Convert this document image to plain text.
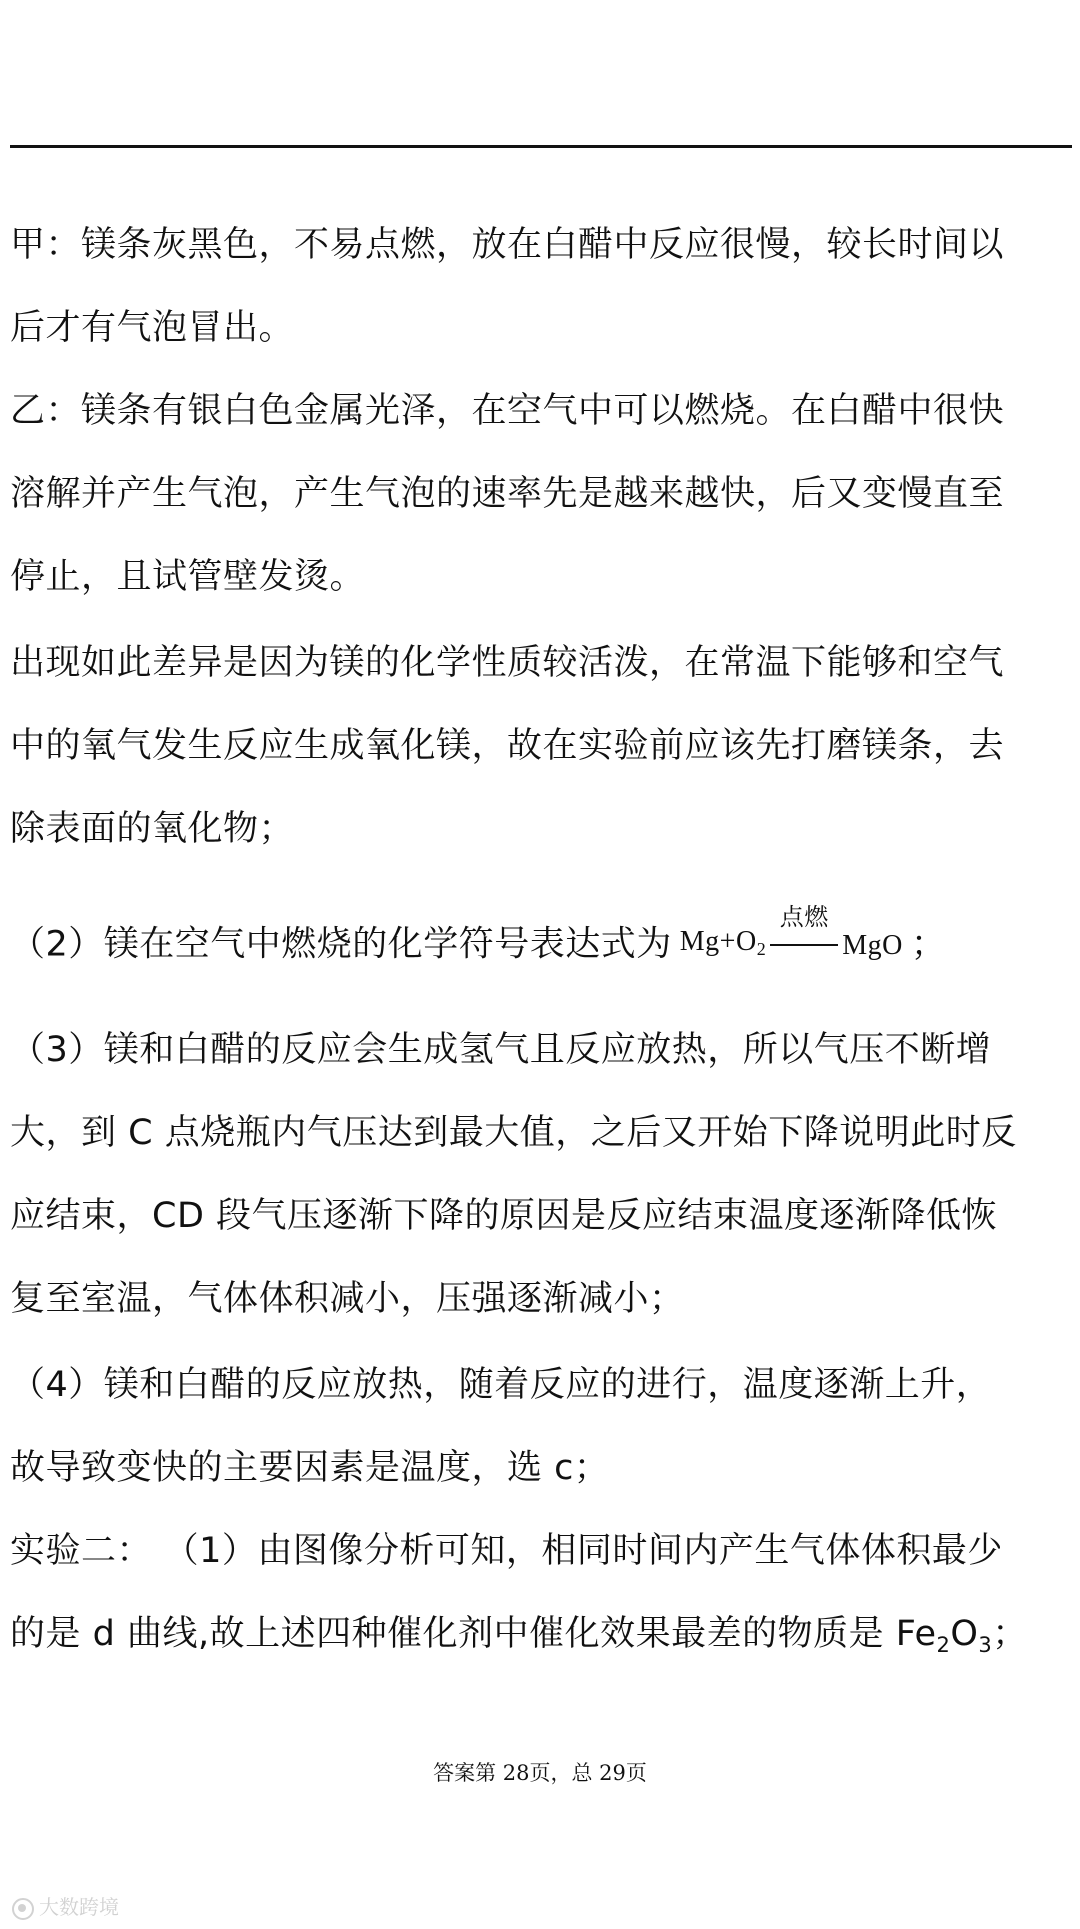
甲：镁条灰黑色，不易点燃，放在白醋中反应很慢，较长时间以
后才有气泡冒出。
乙：镁条有银白色金属光泽，在空气中可以燃烧。在白醋中很快
溶解并产生气泡，产生气泡的速率先是越来越快，后又变慢直至
停止，且试管壁发烫。
出现如此差异是因为镁的化学性质较活泼，在常温下能够和空气
中的氧气发生反应生成氧化镁，故在实验前应该先打磨镁条，去
除表面的氧化物；
（2）镁在空气中燃烧的化学符号表达式为 Mg+O2
点燃
MgO ；
（3）镁和白醋的反应会生成氢气且反应放热，所以气压不断增
大，到 C 点烧瓶内气压达到最大值，之后又开始下降说明此时反
应结束，CD 段气压逐渐下降的原因是反应结束温度逐渐降低恢
复至室温，气体体积减小，压强逐渐减小；
（4）镁和白醋的反应放热，随着反应的进行，温度逐渐上升，
故导致变快的主要因素是温度，选 c；
实验二： （1）由图像分析可知，相同时间内产生气体体积最少
的是 d 曲线,故上述四种催化剂中催化效果最差的物质是 $Fe_2O_3$；
答案第 28页，总 29页
大数跨境
